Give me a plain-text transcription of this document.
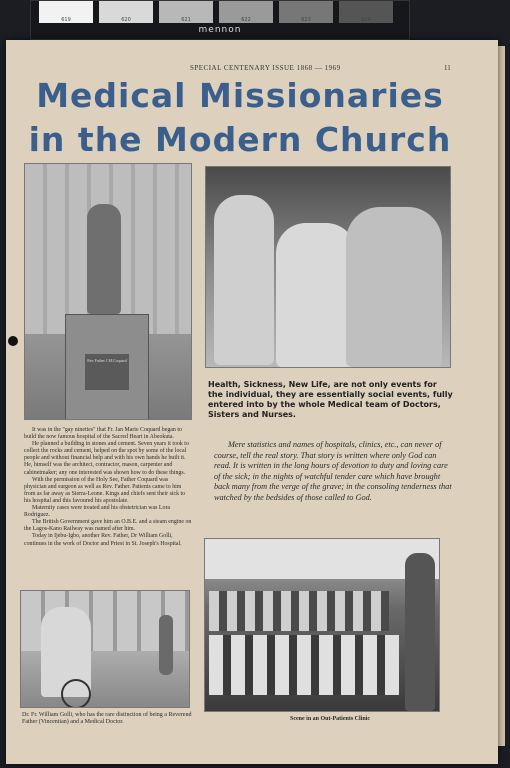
619	620	621	622	623	624
mennon
SPECIAL CENTENARY ISSUE 1868 — 1969	11
Medical Missionaries in the Modern Church
Rev Father J.M.Coquard
Health, Sickness, New Life, are not only events for the individual, they are essentially social events, fully entered into by the whole Medical team of Doctors, Sisters and Nurses.
Mere statistics and names of hospitals, clinics, etc., can never of course, tell the real story. That story is written where only God can read. It is written in the long hours of devotion to duty and loving care of the sick; in the nights of watchful tender care which have brought back many from the verge of the grave; in the consoling tenderness that watched by the bedsides of those called to God.

It was in the "gay nineties" that Fr. Jan Marie Coquard began to build the now famous hospital of the Sacred Heart in Abeokuta.

He planned a building in stones and cement. Seven years it took to collect the rocks and cement, helped on the spot by some of the local people and without financial help and with his own hands he built it. He, himself was the architect, contractor, mason, carpenter and cabinetmaker; any one interested was shown how to do these things.

With the permission of the Holy See, Father Coquard was physician and surgeon as well as Rev. Father. Patients came to him from as far away as Sierra-Leone. Kings and chiefs sent their sick to his hospital and this favoured his apostolate.

Maternity cases were treated and his obstetrician was Lora Rodriguez.

The British Government gave him an O.B.E. and a steam engine on the Lagos-Kano Railway was named after him.

Today in Ijebu-Igbo, another Rev. Father, Dr William Golli, continues in the work of Doctor and Priest in St. Joseph's Hospital.

Dr. Fr. William Golli, who has the rare distinction of being a Reverend Father (Vincentian) and a Medical Doctor.	Scene in an Out-Patients Clinic
